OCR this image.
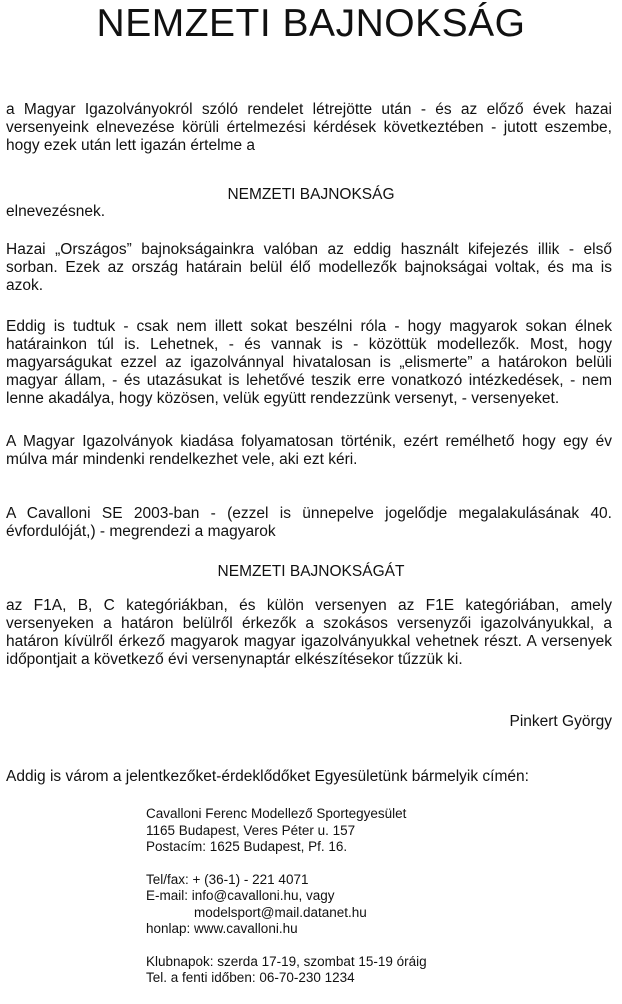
NEMZETI BAJNOKSÁG
a Magyar Igazolványokról szóló rendelet létrejötte után - és az előző évek hazai versenyeink elnevezése körüli értelmezési kérdések következtében - jutott eszembe, hogy ezek után lett igazán értelme a
NEMZETI BAJNOKSÁG
elnevezésnek.
Hazai „Országos” bajnokságainkra valóban az eddig használt kifejezés illik - első sorban. Ezek az ország határain belül élő modellezők bajnokságai voltak, és ma is azok.
Eddig is tudtuk - csak nem illett sokat beszélni róla - hogy magyarok sokan élnek határainkon túl is. Lehetnek, - és vannak is - közöttük modellezők. Most, hogy magyarságukat ezzel az igazolvánnyal hivatalosan is „elismerte” a határokon belüli magyar állam, - és utazásukat is lehetővé teszik erre vonatkozó intézkedések, - nem lenne akadálya, hogy közösen, velük együtt rendezzünk versenyt, - versenyeket.
A Magyar Igazolványok kiadása folyamatosan történik, ezért remélhető hogy egy év múlva már mindenki rendelkezhet vele, aki ezt kéri.
A Cavalloni SE 2003-ban - (ezzel is ünnepelve jogelődje megalakulásának 40. évfordulóját,) - megrendezi a magyarok
NEMZETI BAJNOKSÁGÁT
az F1A, B, C kategóriákban, és külön versenyen az F1E kategóriában, amely versenyeken a határon belülről érkezők a szokásos versenyzői igazolványukkal, a határon kívülről érkező magyarok magyar igazolványukkal vehetnek részt. A versenyek időpontjait a következő évi versenynaptár elkészítésekor tűzzük ki.
Pinkert György
Addig is várom a jelentkezőket-érdeklődőket Egyesületünk bármelyik címén:
Cavalloni Ferenc Modellező Sportegyesület
1165 Budapest, Veres Péter u. 157
Postacím: 1625 Budapest, Pf. 16.
Tel/fax: + (36-1) - 221 4071
E-mail: info@cavalloni.hu, vagy
modelsport@mail.datanet.hu
honlap: www.cavalloni.hu
Klubnapok: szerda 17-19, szombat 15-19 óráig
Tel. a fenti időben: 06-70-230 1234
